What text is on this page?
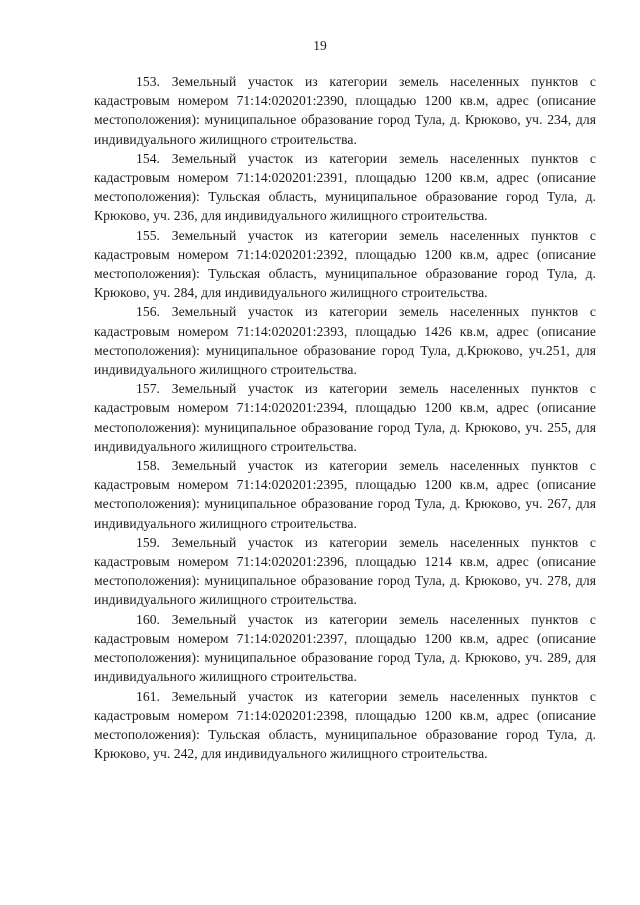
19

153. Земельный участок из категории земель населенных пунктов с кадастровым номером 71:14:020201:2390, площадью 1200 кв.м, адрес (описание местоположения): муниципальное образование город Тула, д. Крюково, уч. 234, для индивидуального жилищного строительства.

154. Земельный участок из категории земель населенных пунктов с кадастровым номером 71:14:020201:2391, площадью 1200 кв.м, адрес (описание местоположения): Тульская область, муниципальное образование город Тула, д. Крюково, уч. 236, для индивидуального жилищного строительства.

155. Земельный участок из категории земель населенных пунктов с кадастровым номером 71:14:020201:2392, площадью 1200 кв.м, адрес (описание местоположения): Тульская область, муниципальное образование город Тула, д. Крюково, уч. 284, для индивидуального жилищного строительства.

156. Земельный участок из категории земель населенных пунктов с кадастровым номером 71:14:020201:2393, площадью 1426 кв.м, адрес (описание местоположения): муниципальное образование город Тула, д.Крюково, уч.251, для индивидуального жилищного строительства.

157. Земельный участок из категории земель населенных пунктов с кадастровым номером 71:14:020201:2394, площадью 1200 кв.м, адрес (описание местоположения): муниципальное образование город Тула, д. Крюково, уч. 255, для индивидуального жилищного строительства.

158. Земельный участок из категории земель населенных пунктов с кадастровым номером 71:14:020201:2395, площадью 1200 кв.м, адрес (описание местоположения): муниципальное образование город Тула, д. Крюково, уч. 267, для индивидуального жилищного строительства.

159. Земельный участок из категории земель населенных пунктов с кадастровым номером 71:14:020201:2396, площадью 1214 кв.м, адрес (описание местоположения): муниципальное образование город Тула, д. Крюково, уч. 278, для индивидуального жилищного строительства.

160. Земельный участок из категории земель населенных пунктов с кадастровым номером 71:14:020201:2397, площадью 1200 кв.м, адрес (описание местоположения): муниципальное образование город Тула, д. Крюково, уч. 289, для индивидуального жилищного строительства.

161. Земельный участок из категории земель населенных пунктов с кадастровым номером 71:14:020201:2398, площадью 1200 кв.м, адрес (описание местоположения): Тульская область, муниципальное образование город Тула, д. Крюково, уч. 242, для индивидуального жилищного строительства.
